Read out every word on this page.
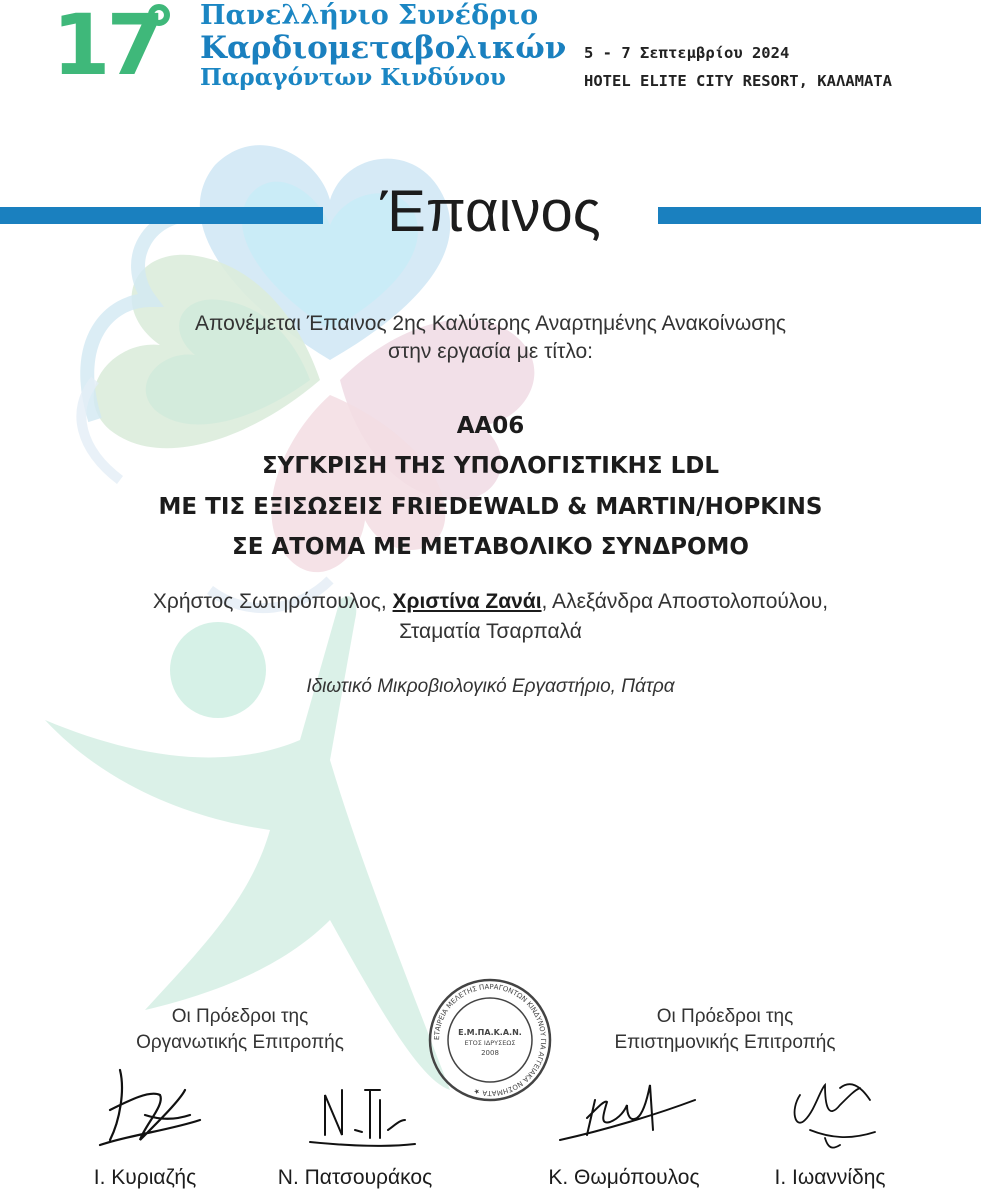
17 Πανελλήνιο Συνέδριο
Καρδιομεταβολικών
Παραγόντων Κινδύνου
5 - 7 Σεπτεμβρίου 2024
HOTEL ELITE CITY RESORT, ΚΑΛΑΜΑΤΑ
Έπαινος
Απονέμεται Έπαινος 2ης Καλύτερης Αναρτημένης Ανακοίνωσης
στην εργασία με τίτλο:
AA06
ΣΥΓΚΡΙΣΗ ΤΗΣ ΥΠΟΛΟΓΙΣΤΙΚΗΣ LDL
ΜΕ ΤΙΣ ΕΞΙΣΩΣΕΙΣ FRIEDEWALD & MARTIN/HOPKINS
ΣΕ ΑΤΟΜΑ ΜΕ ΜΕΤΑΒΟΛΙΚΟ ΣΥΝΔΡΟΜΟ
Χρήστος Σωτηρόπουλος, Χριστίνα Ζανάι, Αλεξάνδρα Αποστολοπούλου,
Σταματία Τσαρπαλά
Ιδιωτικό Μικροβιολογικό Εργαστήριο, Πάτρα
Οι Πρόεδροι της
Οργανωτικής Επιτροπής
Οι Πρόεδροι της
Επιστημονικής Επιτροπής
ΕΤΑΙΡΕΙΑ ΜΕΛΕΤΗΣ ΠΑΡΑΓΟΝΤΩΝ ΚΙΝΔΥΝΟΥ ΓΙΑ ΑΓΓΕΙΑΚΑ ΝΟΣΗΜΑΤΑ ★
Ε.Μ.ΠΑ.Κ.Α.Ν.
ΕΤΟΣ ΙΔΡΥΣΕΩΣ
2008
Ι. Κυριαζής	Ν. Πατσουράκος	Κ. Θωμόπουλος	Ι. Ιωαννίδης
